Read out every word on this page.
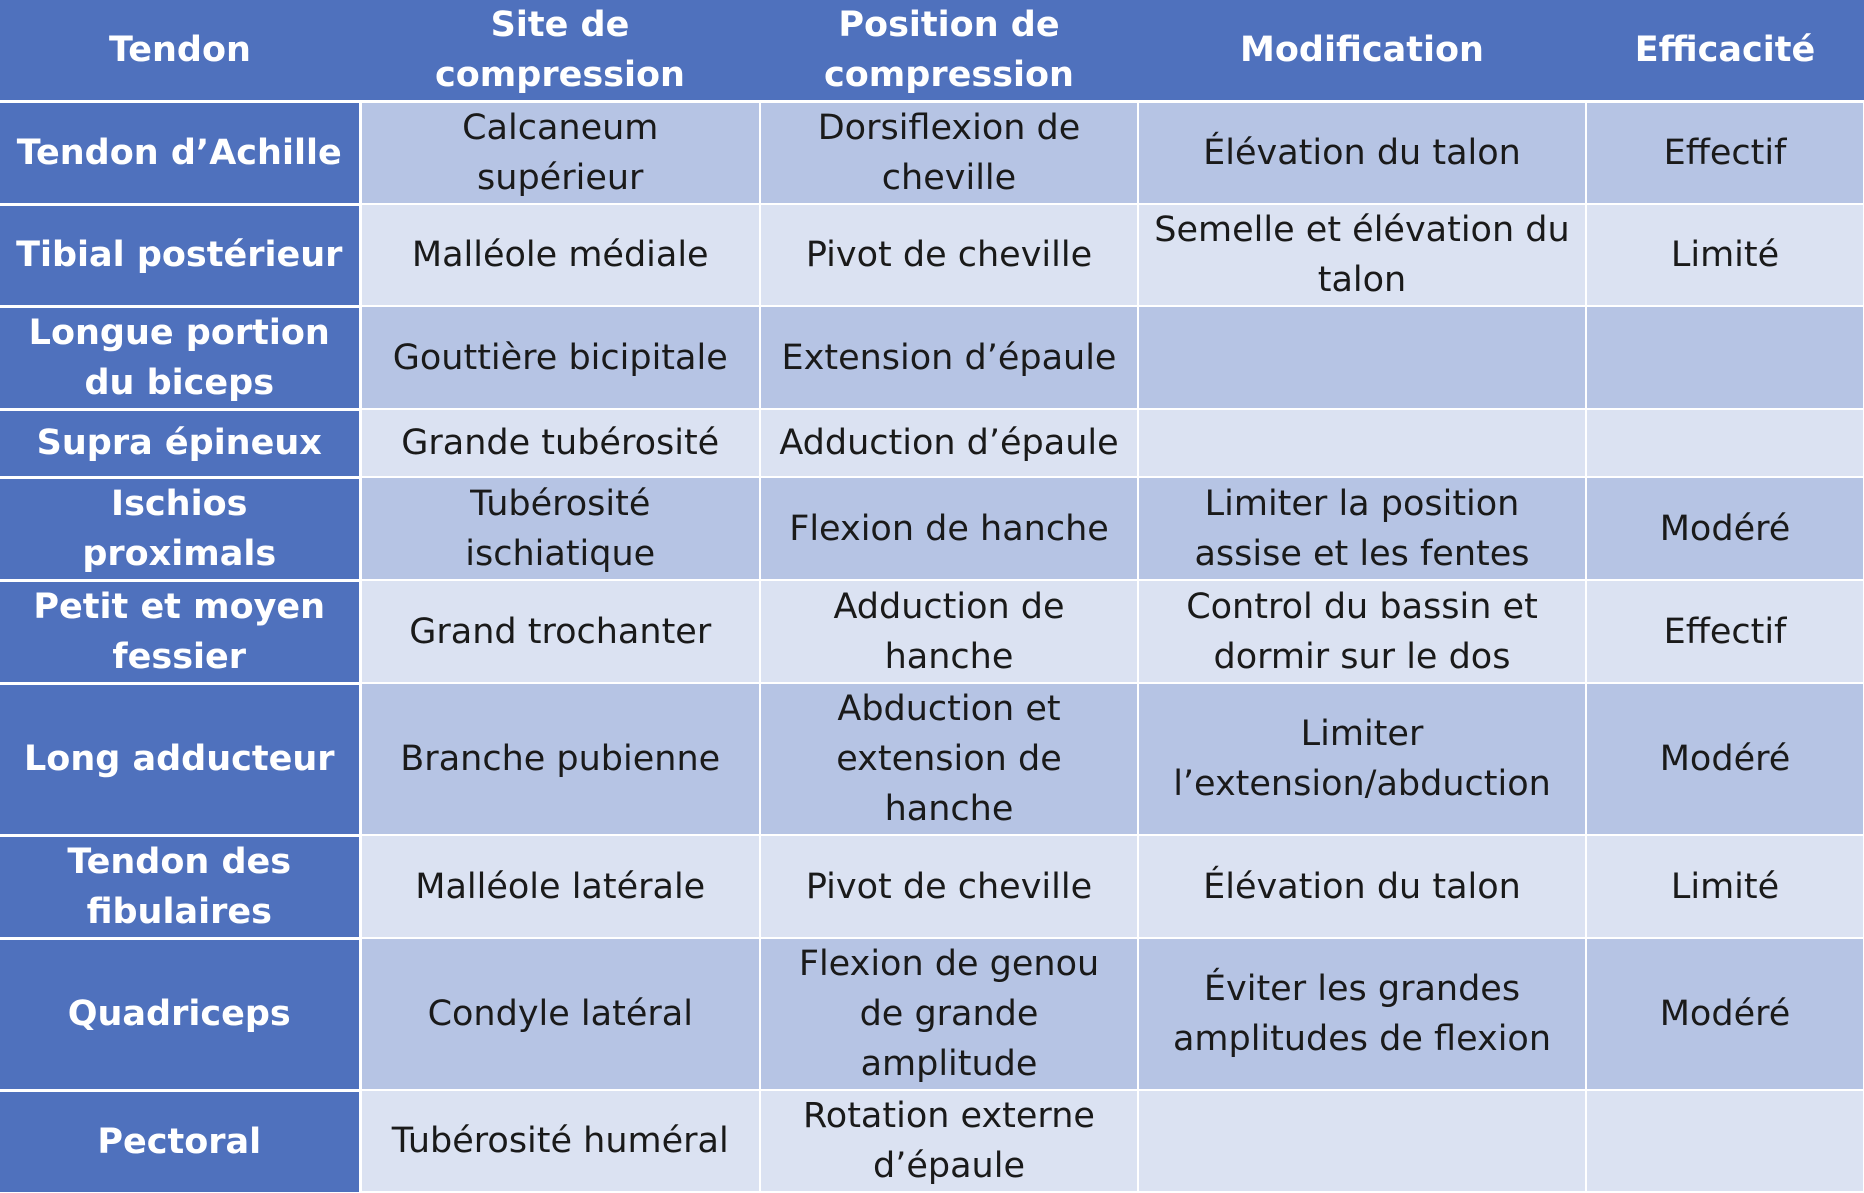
Tendon	Site de compression	Position de compression	Modification	Efficacité
Tendon d’Achille	Calcaneum supérieur	Dorsiflexion de cheville	Élévation du talon	Effectif
Tibial postérieur	Malléole médiale	Pivot de cheville	Semelle et élévation du talon	Limité
Longue portion du biceps	Gouttière bicipitale	Extension d’épaule		
Supra épineux	Grande tubérosité	Adduction d’épaule		
Ischios proximals	Tubérosité ischiatique	Flexion de hanche	Limiter la position assise et les fentes	Modéré
Petit et moyen fessier	Grand trochanter	Adduction de hanche	Control du bassin et dormir sur le dos	Effectif
Long adducteur	Branche pubienne	Abduction et extension de hanche	Limiter l’extension/abduction	Modéré
Tendon des fibulaires	Malléole latérale	Pivot de cheville	Élévation du talon	Limité
Quadriceps	Condyle latéral	Flexion de genou de grande amplitude	Éviter les grandes amplitudes de flexion	Modéré
Pectoral	Tubérosité huméral	Rotation externe d’épaule		
